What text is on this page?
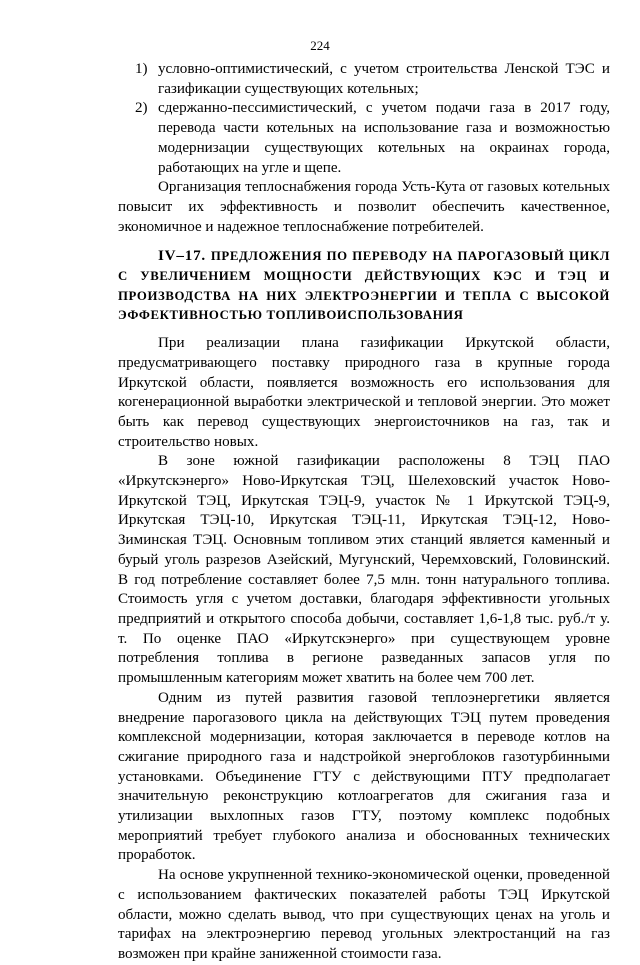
224
1) условно-оптимистический, с учетом строительства Ленской ТЭС и газификации существующих котельных;
2) сдержанно-пессимистический, с учетом подачи газа в 2017 году, перевода части котельных на использование газа и возможностью модернизации существующих котельных на окраинах города, работающих на угле и щепе.

Организация теплоснабжения города Усть-Кута от газовых котельных повысит их эффективность и позволит обеспечить качественное, экономичное и надежное теплоснабжение потребителей.

IV–17. ПРЕДЛОЖЕНИЯ ПО ПЕРЕВОДУ НА ПАРОГАЗОВЫЙ ЦИКЛ С УВЕЛИЧЕНИЕМ МОЩНОСТИ ДЕЙСТВУЮЩИХ КЭС И ТЭЦ И ПРОИЗВОДСТВА НА НИХ ЭЛЕКТРОЭНЕРГИИ И ТЕПЛА С ВЫСОКОЙ ЭФФЕКТИВНОСТЬЮ ТОПЛИВОИСПОЛЬЗОВАНИЯ

При реализации плана газификации Иркутской области, предусматривающего поставку природного газа в крупные города Иркутской области, появляется возможность его использования для когенерационной выработки электрической и тепловой энергии. Это может быть как перевод существующих энергоисточников на газ, так и строительство новых.

В зоне южной газификации расположены 8 ТЭЦ ПАО «Иркутскэнерго» Ново-Иркутская ТЭЦ, Шелеховский участок Ново-Иркутской ТЭЦ, Иркутская ТЭЦ-9, участок № 1 Иркутской ТЭЦ-9, Иркутская ТЭЦ-10, Иркутская ТЭЦ-11, Иркутская ТЭЦ-12, Ново-Зиминская ТЭЦ. Основным топливом этих станций является каменный и бурый уголь разрезов Азейский, Мугунский, Черемховский, Головинский. В год потребление составляет более 7,5 млн. тонн натурального топлива. Стоимость угля с учетом доставки, благодаря эффективности угольных предприятий и открытого способа добычи, составляет 1,6-1,8 тыс. руб./т у. т. По оценке ПАО «Иркутскэнерго» при существующем уровне потребления топлива в регионе разведанных запасов угля по промышленным категориям может хватить на более чем 700 лет.

Одним из путей развития газовой теплоэнергетики является внедрение парогазового цикла на действующих ТЭЦ путем проведения комплексной модернизации, которая заключается в переводе котлов на сжигание природного газа и надстройкой энергоблоков газотурбинными установками. Объединение ГТУ с действующими ПТУ предполагает значительную реконструкцию котлоагрегатов для сжигания газа и утилизации выхлопных газов ГТУ, поэтому комплекс подобных мероприятий требует глубокого анализа и обоснованных технических проработок.

На основе укрупненной технико-экономической оценки, проведенной с использованием фактических показателей работы ТЭЦ Иркутской области, можно сделать вывод, что при существующих ценах на уголь и тарифах на электроэнергию перевод угольных электростанций на газ возможен при крайне заниженной стоимости газа.
